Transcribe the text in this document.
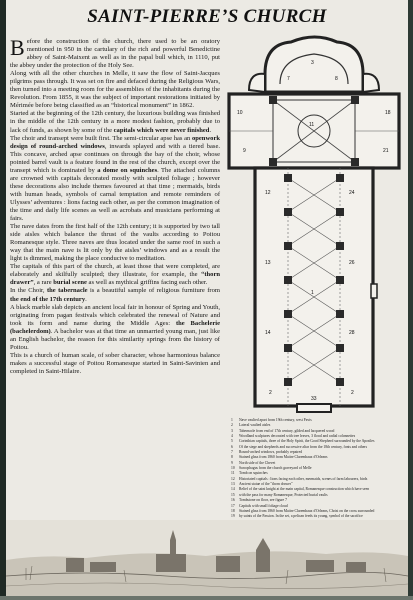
SAINT-PIERRE’S CHURCH

Before the construction of the church, there used to be an oratory mentioned in 950 in the cartulary of the rich and powerful Benedictine abbey of Saint-Maixent as well as in the papal bull which, in 1110, put the abbey under the protection of the Holy See.

Along with all the other churches in Melle, it saw the flow of Saint-Jacques pilgrims pass through. It was set on fire and defaced during the Religious Wars, then turned into a meeting room for the assemblies of the inhabitants during the Revolution. From 1855, it was the subject of important restorations initiated by Mérimée before being classified as an “historical monument” in 1862.

Started at the beginning of the 12th century, the luxurious building was finished in the middle of the 12th century in a more modest fashion, probably due to lack of funds, as shown by some of the capitals which were never finished.

The choir and transept were built first. The semi-circular apse has an openwork design of round-arched windows, inwards splayed and with a tiered base. This concave, arched apse continues on through the bay of the choir, whose pointed barrel vault is a feature found in the rest of the church, except over the transept which is dominated by a dome on squinches. The attached columns are crowned with capitals decorated mostly with sculpted foliage ; however these decorations also include themes favoured at that time ; mermaids, birds with human heads, symbols of carnal temptation and remote reminders of Ulysses’ adventures : lions facing each other, as per the common imagination of the time and daily life scenes as well as acrobats and musicians performing at fairs.

The nave dates from the first half of the 12th century; it is supported by two tall side aisles which balance the thrust of the vaults according to Poitou Romanesque style. Three naves are thus located under the same roof in such a way that the main nave is lit only by the aisles’ windows and as a result the light is dimmed, making the place conducive to meditation.

The capitals of this part of the church, at least those that were completed, are elaborately and skilfully sculpted; they illustrate, for example, the “thorn drawer”, a rare burial scene as well as mythical griffins facing each other.

In the Choir, the tabernacle is a beautiful sample of religious furniture from the end of the 17th century.

A black marble slab depicts an ancient local fair in honour of Spring and Youth, originating from pagan festivals which celebrated the renewal of Nature and took its form and name during the Middle Ages: the Bachelerie (bachelerdom). A bachelor was at that time an unmarried young man, just like an English bachelor, the reason for this similarity springs from the history of Poitou.

This is a church of human scale, of sober character, whose harmonious balance makes a successful stage of Poitou Romanesque started in Saint-Savinien and completed in Saint-Hilaire.

3
7	8
10	18
11
9	21
12	24
13	26
14	28
1
2	2
33
1 Nave vaulted apart from 19th century, west Pavis
2 Lateral vaulted aisles
3 Tabernacle from end of 17th century, gilded and lacquered wood
4 Woodland sculptures decorated with tree leaves, 3 floral and radial colonnettes
5 Corinthian capitals, three of the Holy Spirit, the Good Shepherd surrounded by the Apostles
6 Of the siege and shepherds and successive altar from the 18th century, fonts and others
7 Round-arched windows, probably repaired
8 Stained glass from 1860 from Maitre Clarembaux d'Orleans
9 North side of the Chevet
10 Sarcophagus from the church graveyard of Melle
11 Tomb on squinches
12 Historiated capitals : lions facing each other, mermaids, scenes of farm labourers, birds
13 Ancient statue of the "thorn drawer"
14 Relief of the saint knight at the main capital, Romanesque construction which have seen
15 with the pass for many Romanesque, Protected burial vaults
16 Tombstone on floor, see figure 7
17 Capitals with small foliage cloud
18 Stained glass from 1860 from Maitre Clarembaux d'Orleans, Christ on the cross surrounded
19 by saints of the Passion. In the set, a pelican feeds its young, symbol of the sacrifice
